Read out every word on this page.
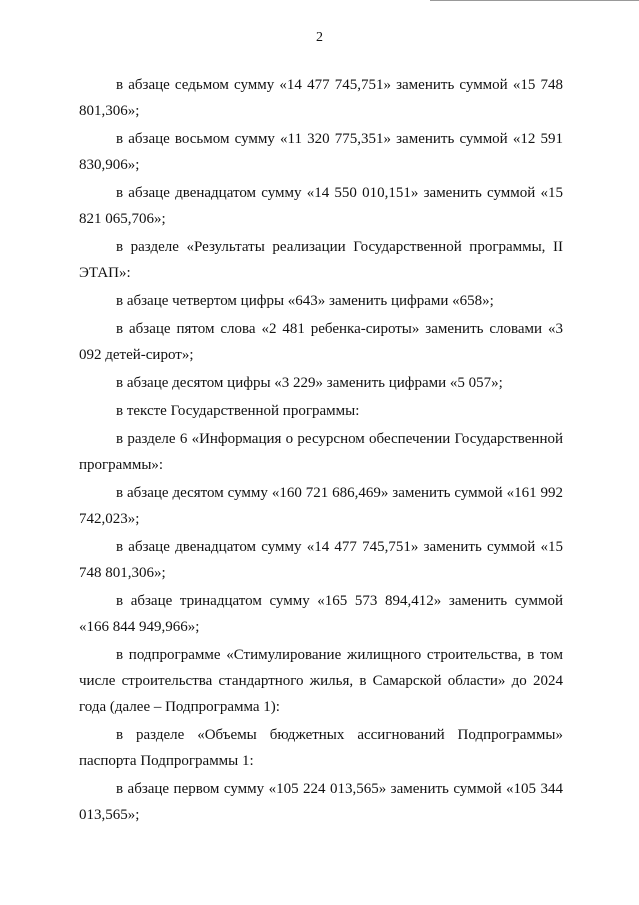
2

в абзаце седьмом сумму «14 477 745,751» заменить суммой «15 748 801,306»;

в абзаце восьмом сумму «11 320 775,351» заменить суммой «12 591 830,906»;

в абзаце двенадцатом сумму «14 550 010,151» заменить суммой «15 821 065,706»;

в разделе «Результаты реализации Государственной программы, II ЭТАП»:

в абзаце четвертом цифры «643» заменить цифрами «658»;

в абзаце пятом слова «2 481 ребенка-сироты» заменить словами «3 092 детей-сирот»;

в абзаце десятом цифры «3 229» заменить цифрами «5 057»;

в тексте Государственной программы:

в разделе 6 «Информация о ресурсном обеспечении Государственной программы»:

в абзаце десятом сумму «160 721 686,469» заменить суммой «161 992 742,023»;

в абзаце двенадцатом сумму «14 477 745,751» заменить суммой «15 748 801,306»;

в абзаце тринадцатом сумму «165 573 894,412» заменить суммой «166 844 949,966»;

в подпрограмме «Стимулирование жилищного строительства, в том числе строительства стандартного жилья, в Самарской области» до 2024 года (далее – Подпрограмма 1):

в разделе «Объемы бюджетных ассигнований Подпрограммы» паспорта Подпрограммы 1:

в абзаце первом сумму «105 224 013,565» заменить суммой «105 344 013,565»;
